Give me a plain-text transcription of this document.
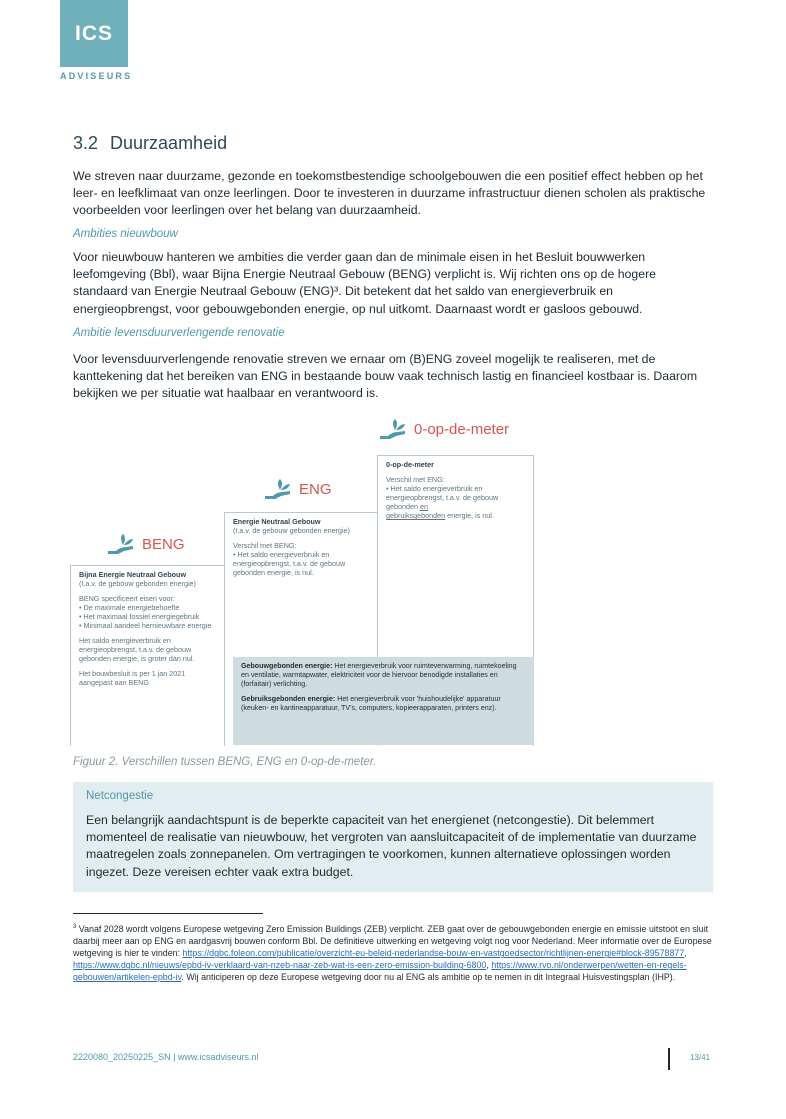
ICS
ADVISEURS
3.2 Duurzaamheid
We streven naar duurzame, gezonde en toekomstbestendige schoolgebouwen die een positief effect hebben op het leer- en leefklimaat van onze leerlingen. Door te investeren in duurzame infrastructuur dienen scholen als praktische voorbeelden voor leerlingen over het belang van duurzaamheid.
Ambities nieuwbouw
Voor nieuwbouw hanteren we ambities die verder gaan dan de minimale eisen in het Besluit bouwwerken leefomgeving (Bbl), waar Bijna Energie Neutraal Gebouw (BENG) verplicht is. Wij richten ons op de hogere standaard van Energie Neutraal Gebouw (ENG)³. Dit betekent dat het saldo van energieverbruik en energieopbrengst, voor gebouwgebonden energie, op nul uitkomt. Daarnaast wordt er gasloos gebouwd.
Ambitie levensduurverlengende renovatie
Voor levensduurverlengende renovatie streven we ernaar om (B)ENG zoveel mogelijk te realiseren, met de kanttekening dat het bereiken van ENG in bestaande bouw vaak technisch lastig en financieel kostbaar is. Daarom bekijken we per situatie wat haalbaar en verantwoord is.
BENG
ENG
0-op-de-meter
Bijna Energie Neutraal Gebouw
(t.a.v. de gebouw gebonden energie)
BENG specificeert eisen voor:
• De maximale energiebehoefte
• Het maximaal fossiel energiegebruik
• Minimaal aandeel hernieuwbare energie
Het saldo energieverbruik en energieopbrengst, t.a.v. de gebouw gebonden energie, is groter dan nul.
Het bouwbesluit is per 1 jan 2021 aangepast aan BENG
Energie Neutraal Gebouw
(t.a.v. de gebouw gebonden energie)
Verschil met BENG:
• Het saldo energieverbruik en energieopbrengst, t.a.v. de gebouw gebonden energie, is nul.
0-op-de-meter
Verschil met ENG:
• Het saldo energieverbruik en energieopbrengst, t.a.v. de gebouw gebonden en
gebruiksgebonden energie, is nul.
Gebouwgebonden energie: Het energieverbruik voor ruimteverwarming, ruimtekoeling en ventilatie, warmtapwater, elektriciteit voor de hiervoor benodigde installaties en (forfaitair) verlichting.
Gebruiksgebonden energie: Het energieverbruik voor 'huishoudelijke' apparatuur (keuken- en kantineapparatuur, TV's, computers, kopieerapparaten, printers enz).
Figuur 2. Verschillen tussen BENG, ENG en 0-op-de-meter.
Netcongestie
Een belangrijk aandachtspunt is de beperkte capaciteit van het energienet (netcongestie). Dit belemmert momenteel de realisatie van nieuwbouw, het vergroten van aansluitcapaciteit of de implementatie van duurzame maatregelen zoals zonnepanelen. Om vertragingen te voorkomen, kunnen alternatieve oplossingen worden ingezet. Deze vereisen echter vaak extra budget.
$^3$ Vanaf 2028 wordt volgens Europese wetgeving Zero Emission Buildings (ZEB) verplicht. ZEB gaat over de gebouwgebonden energie en emissie uitstoot en sluit daarbij meer aan op ENG en aardgasvrij bouwen conform Bbl. De definitieve uitwerking en wetgeving volgt nog voor Nederland. Meer informatie over de Europese wetgeving is hier te vinden: https://dgbc.foleon.com/publicatie/overzicht-eu-beleid-nederlandse-bouw-en-vastgoedsector/richtlijnen-energie#block-89578877, https://www.dgbc.nl/nieuws/epbd-iv-verklaard-van-nzeb-naar-zeb-wat-is-een-zero-emission-building-6800, https://www.rvo.nl/onderwerpen/wetten-en-regels-gebouwen/artikelen-epbd-iv. Wij anticiperen op deze Europese wetgeving door nu al ENG als ambitie op te nemen in dit Integraal Huisvestingsplan (IHP).
2220080_20250225_SN | www.icsadviseurs.nl	13/41
